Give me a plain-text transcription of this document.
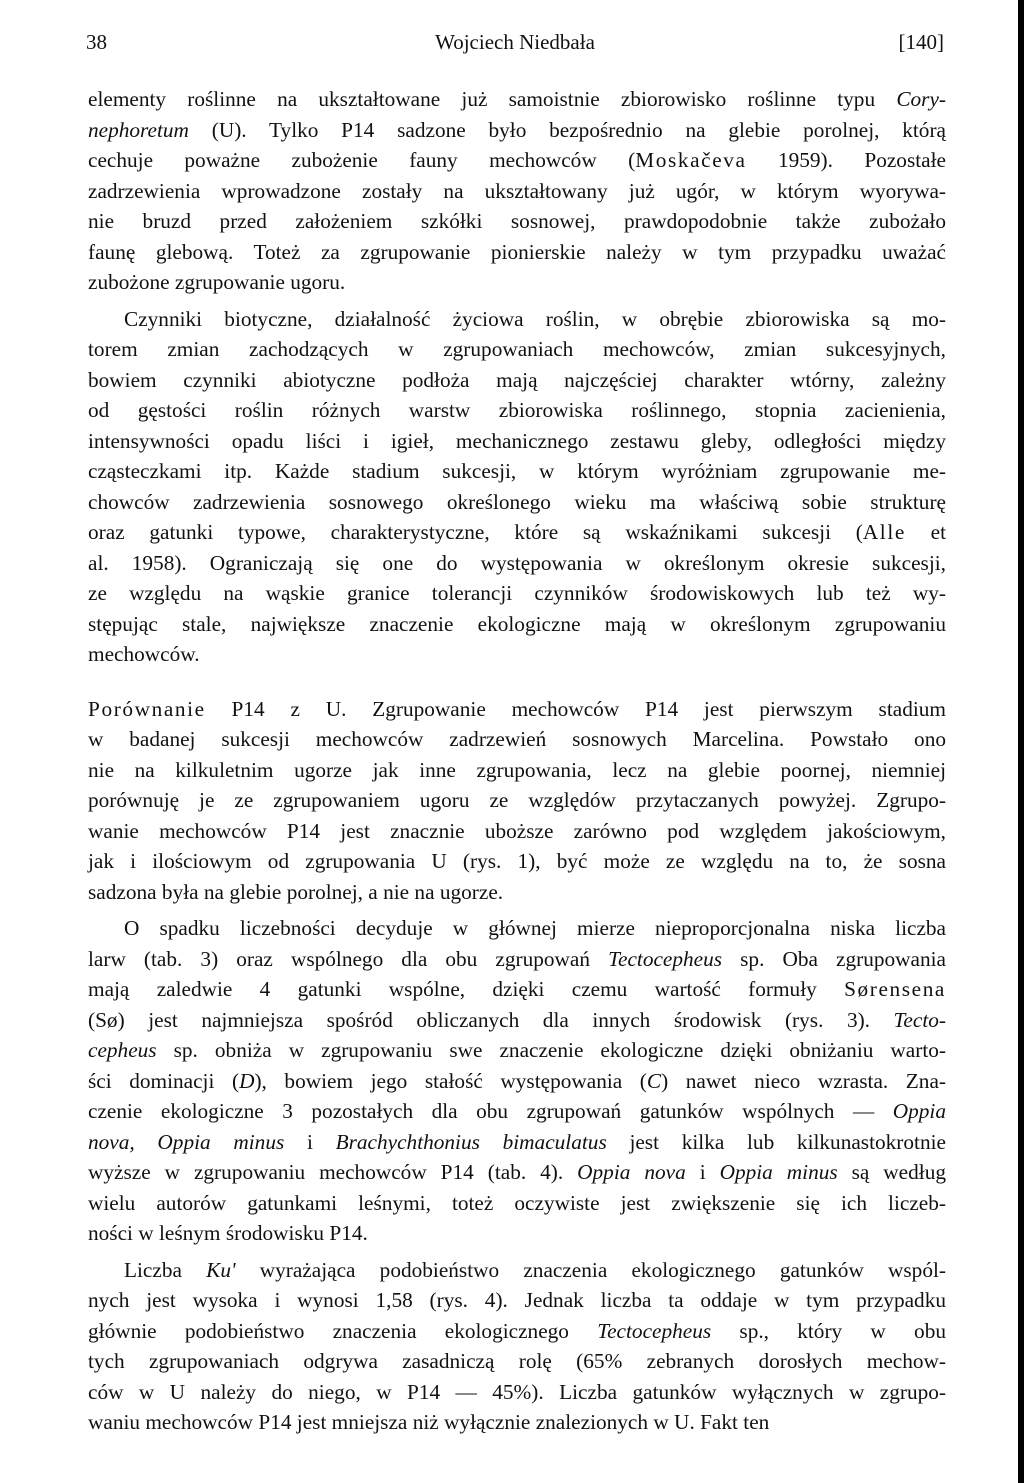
38	Wojciech Niedbała	[140]
elementy roślinne na ukształtowane już samoistnie zbiorowisko roślinne typu Cory-
nephoretum (U). Tylko P14 sadzone było bezpośrednio na glebie porolnej, którą
cechuje poważne zubożenie fauny mechowców (Moskačeva 1959). Pozostałe
zadrzewienia wprowadzone zostały na ukształtowany już ugór, w którym wyorywa-
nie bruzd przed założeniem szkółki sosnowej, prawdopodobnie także zubożało
faunę glebową. Toteż za zgrupowanie pionierskie należy w tym przypadku uważać
zubożone zgrupowanie ugoru.
Czynniki biotyczne, działalność życiowa roślin, w obrębie zbiorowiska są mo-
torem zmian zachodzących w zgrupowaniach mechowców, zmian sukcesyjnych,
bowiem czynniki abiotyczne podłoża mają najczęściej charakter wtórny, zależny
od gęstości roślin różnych warstw zbiorowiska roślinnego, stopnia zacienienia,
intensywności opadu liści i igieł, mechanicznego zestawu gleby, odległości między
cząsteczkami itp. Każde stadium sukcesji, w którym wyróżniam zgrupowanie me-
chowców zadrzewienia sosnowego określonego wieku ma właściwą sobie strukturę
oraz gatunki typowe, charakterystyczne, które są wskaźnikami sukcesji (Alle et
al. 1958). Ograniczają się one do występowania w określonym okresie sukcesji,
ze względu na wąskie granice tolerancji czynników środowiskowych lub też wy-
stępując stale, największe znaczenie ekologiczne mają w określonym zgrupowaniu
mechowców.
Porównanie P14 z U. Zgrupowanie mechowców P14 jest pierwszym stadium
w badanej sukcesji mechowców zadrzewień sosnowych Marcelina. Powstało ono
nie na kilkuletnim ugorze jak inne zgrupowania, lecz na glebie poornej, niemniej
porównuję je ze zgrupowaniem ugoru ze względów przytaczanych powyżej. Zgrupo-
wanie mechowców P14 jest znacznie uboższe zarówno pod względem jakościowym,
jak i ilościowym od zgrupowania U (rys. 1), być może ze względu na to, że sosna
sadzona była na glebie porolnej, a nie na ugorze.
O spadku liczebności decyduje w głównej mierze nieproporcjonalna niska liczba
larw (tab. 3) oraz wspólnego dla obu zgrupowań Tectocepheus sp. Oba zgrupowania
mają zaledwie 4 gatunki wspólne, dzięki czemu wartość formuły Sørensena
(Sø) jest najmniejsza spośród obliczanych dla innych środowisk (rys. 3). Tecto-
cepheus sp. obniża w zgrupowaniu swe znaczenie ekologiczne dzięki obniżaniu warto-
ści dominacji (D), bowiem jego stałość występowania (C) nawet nieco wzrasta. Zna-
czenie ekologiczne 3 pozostałych dla obu zgrupowań gatunków wspólnych — Oppia
nova, Oppia minus i Brachychthonius bimaculatus jest kilka lub kilkunastokrotnie
wyższe w zgrupowaniu mechowców P14 (tab. 4). Oppia nova i Oppia minus są według
wielu autorów gatunkami leśnymi, toteż oczywiste jest zwiększenie się ich liczeb-
ności w leśnym środowisku P14.
Liczba Ku' wyrażająca podobieństwo znaczenia ekologicznego gatunków wspól-
nych jest wysoka i wynosi 1,58 (rys. 4). Jednak liczba ta oddaje w tym przypadku
głównie podobieństwo znaczenia ekologicznego Tectocepheus sp., który w obu
tych zgrupowaniach odgrywa zasadniczą rolę (65% zebranych dorosłych mechow-
ców w U należy do niego, w P14 — 45%). Liczba gatunków wyłącznych w zgrupo-
waniu mechowców P14 jest mniejsza niż wyłącznie znalezionych w U. Fakt ten
